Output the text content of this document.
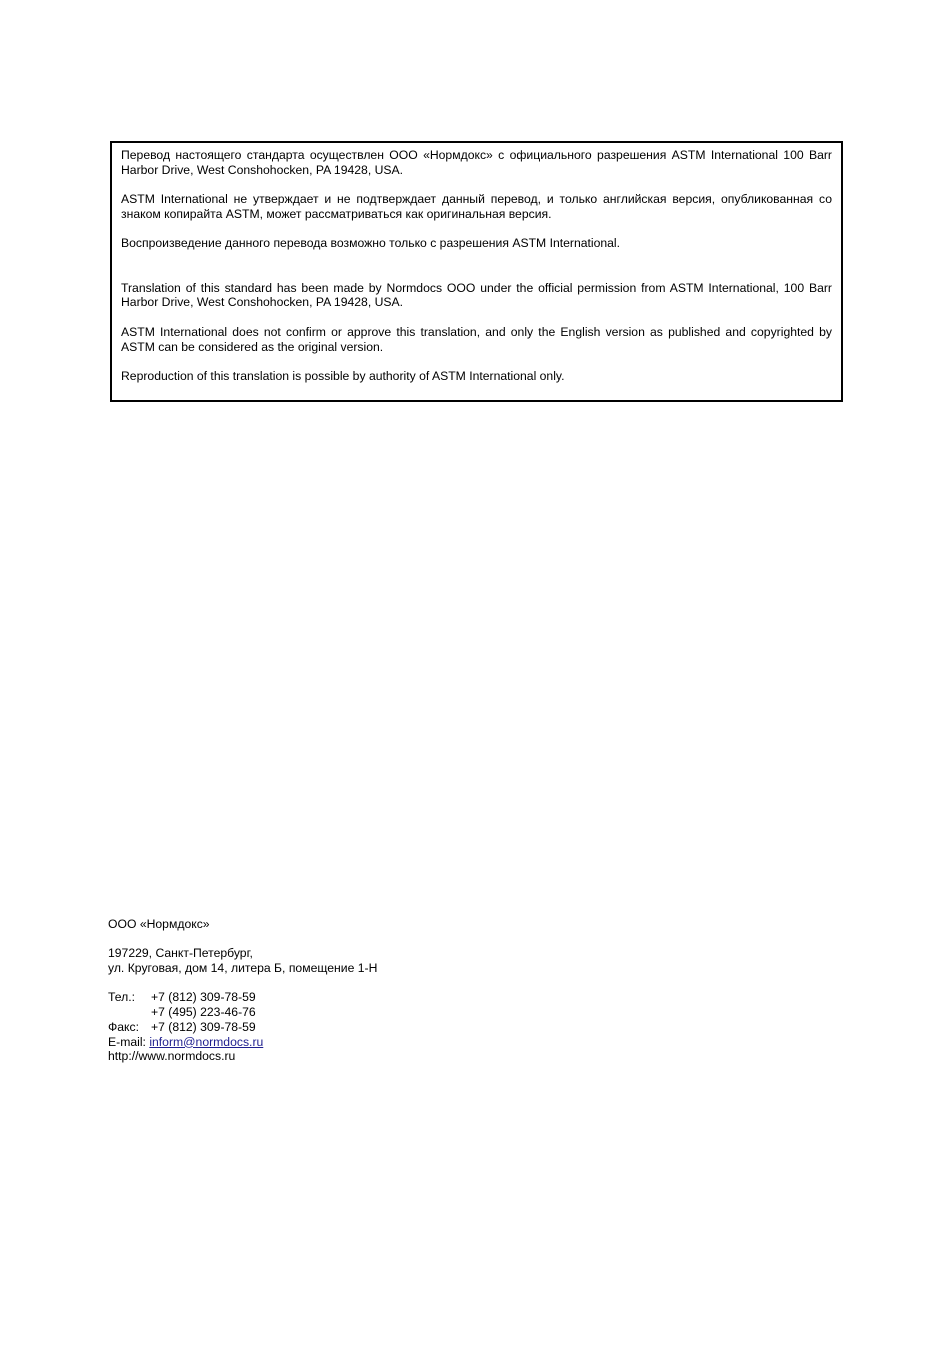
Перевод настоящего стандарта осуществлен ООО «Нормдокс» с официального разрешения ASTM International 100 Barr Harbor Drive, West Conshohocken, PA 19428, USA.

ASTM International не утверждает и не подтверждает данный перевод, и только английская версия, опубликованная со знаком копирайта ASTM, может рассматриваться как оригинальная версия.

Воспроизведение данного перевода возможно только с разрешения ASTM International.

Translation of this standard has been made by Normdocs OOO under the official permission from ASTM International, 100 Barr Harbor Drive, West Conshohocken, PA 19428, USA.

ASTM International does not confirm or approve this translation, and only the English version as published and copyrighted by ASTM can be considered as the original version.

Reproduction of this translation is possible by authority of ASTM International only.

ООО «Нормдокс»
197229, Санкт-Петербург,
ул. Круговая, дом 14, литера Б, помещение 1-Н
Тел.:	+7 (812) 309-78-59
+7 (495) 223-46-76
Факс: +7 (812) 309-78-59
E-mail:
inform@normdocs.ru
http://www.normdocs.ru
